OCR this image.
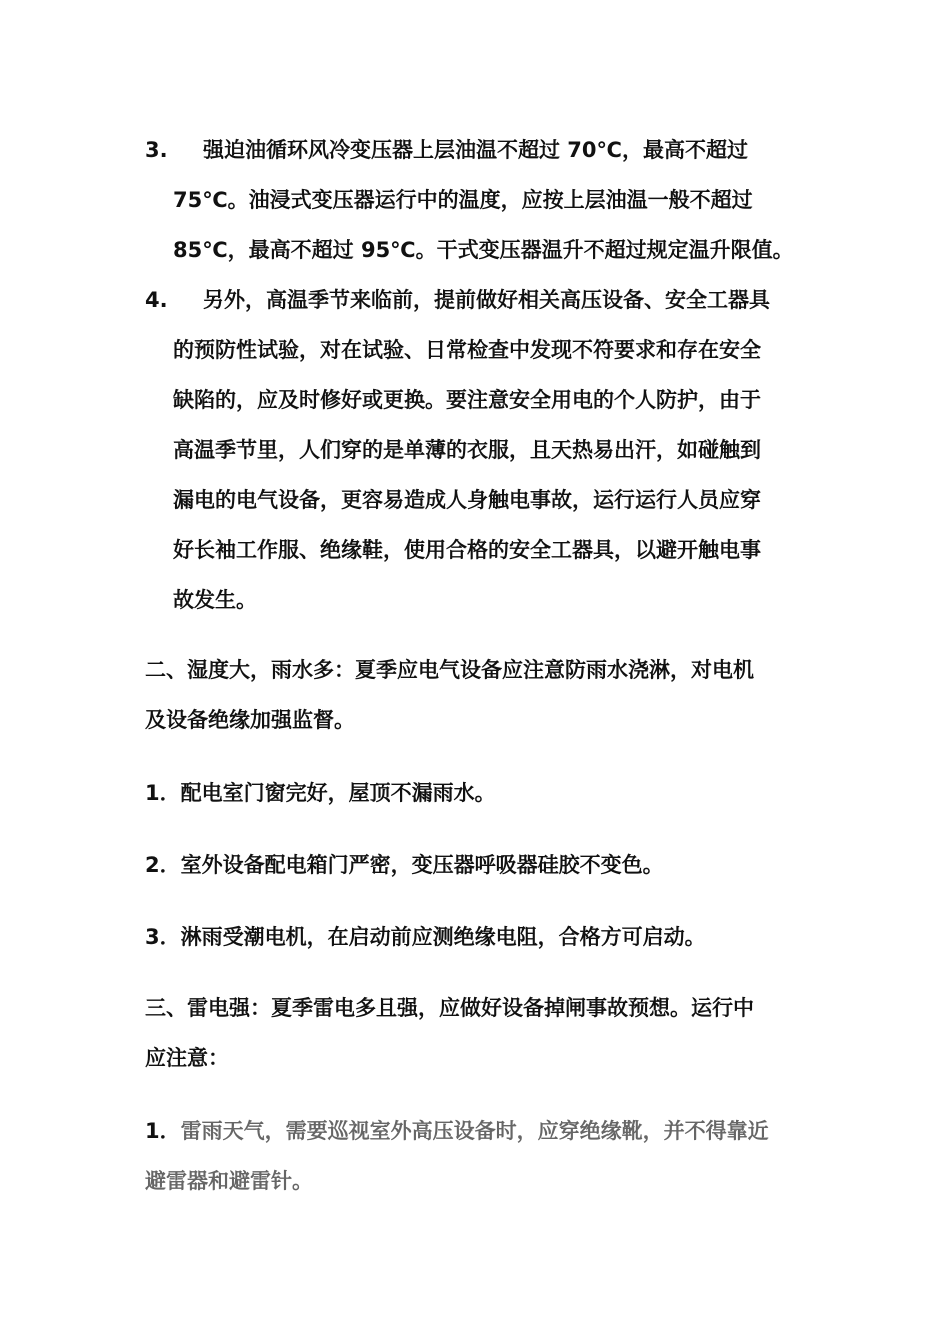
3.	强迫油循环风冷变压器上层油温不超过 70℃，最高不超过
75℃。油浸式变压器运行中的温度，应按上层油温一般不超过
85℃，最高不超过 95℃。干式变压器温升不超过规定温升限值。
4.	另外，高温季节来临前，提前做好相关高压设备、安全工器具
的预防性试验，对在试验、日常检查中发现不符要求和存在安全
缺陷的，应及时修好或更换。要注意安全用电的个人防护，由于
高温季节里，人们穿的是单薄的衣服，且天热易出汗，如碰触到
漏电的电气设备，更容易造成人身触电事故，运行运行人员应穿
好长袖工作服、绝缘鞋，使用合格的安全工器具，以避开触电事
故发生。
二、湿度大，雨水多：夏季应电气设备应注意防雨水浇淋，对电机
及设备绝缘加强监督。
1．配电室门窗完好，屋顶不漏雨水。
2．室外设备配电箱门严密，变压器呼吸器硅胶不变色。
3．淋雨受潮电机，在启动前应测绝缘电阻，合格方可启动。
三、雷电强：夏季雷电多且强，应做好设备掉闸事故预想。运行中
应注意：
1．雷雨天气，需要巡视室外高压设备时，应穿绝缘靴，并不得靠近
避雷器和避雷针。
